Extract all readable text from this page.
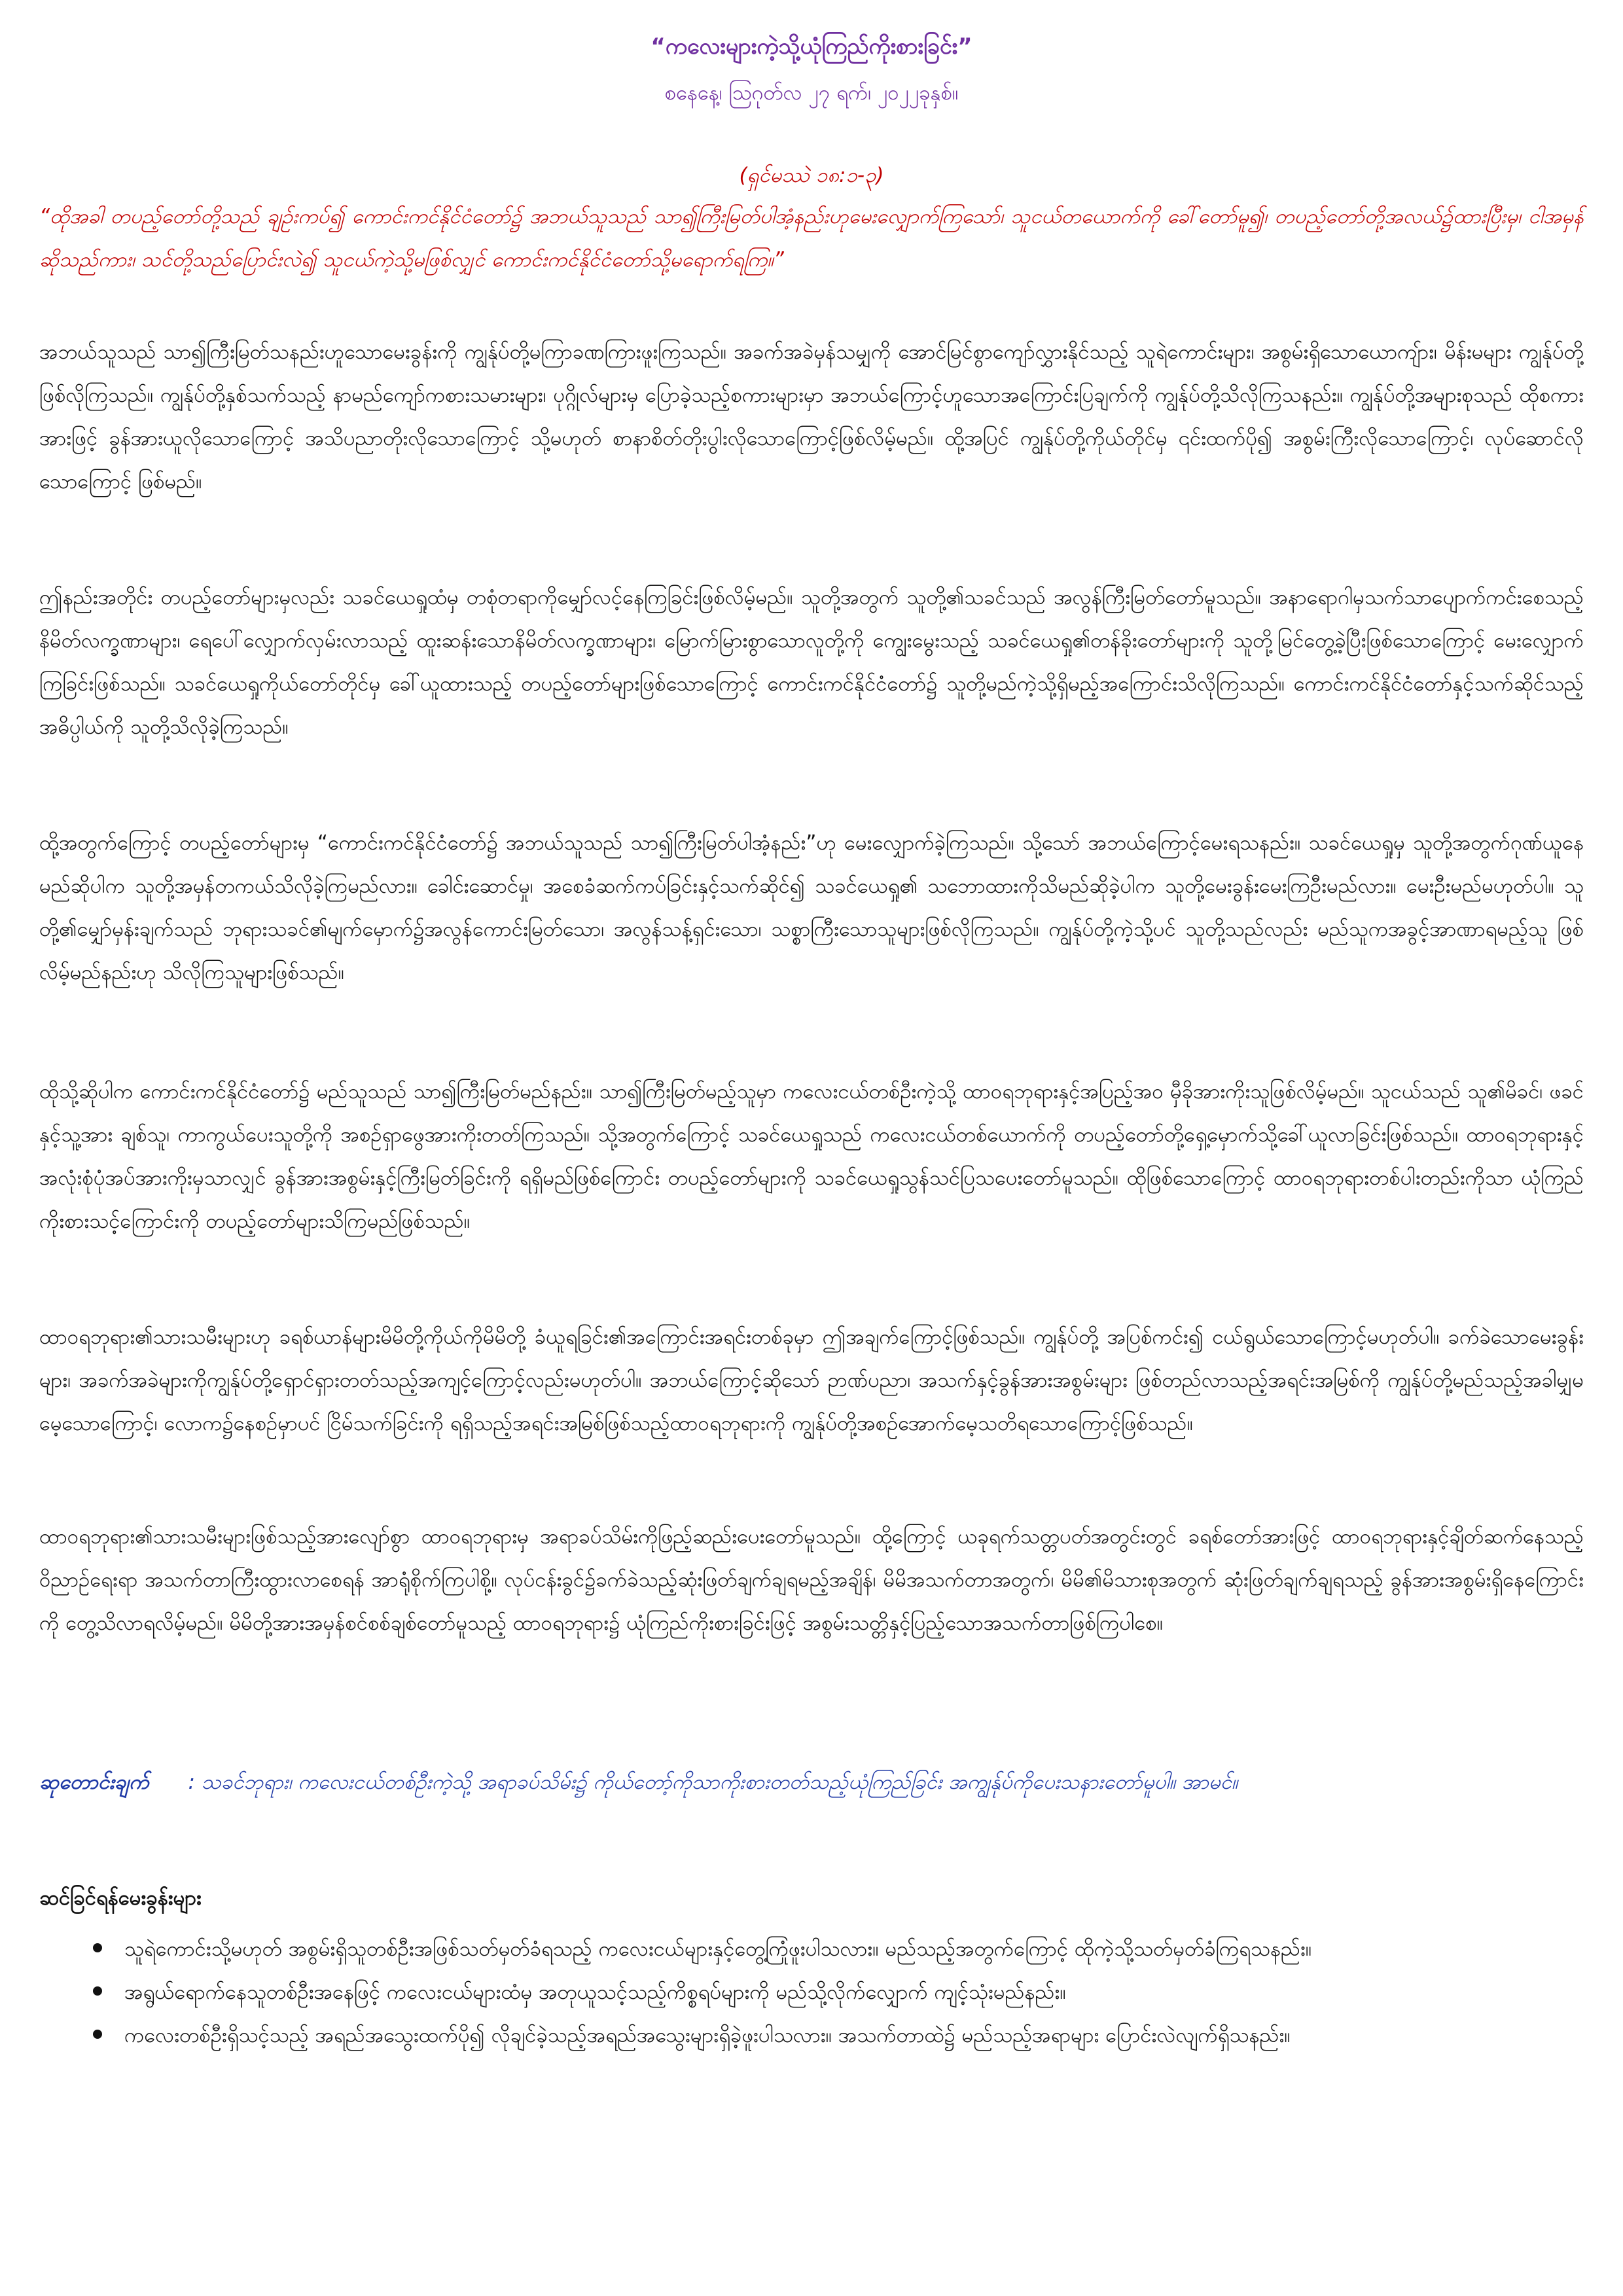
“ကလေးများကဲ့သို့ယုံကြည်ကိုးစားခြင်း”
စနေနေ့၊ ဩဂုတ်လ ၂၇ ရက်၊ ၂၀၂၂ခုနှစ်။
(ရှင်မဿဲ ၁၈:၁-၃)

“ထိုအခါ တပည့်တော်တို့သည် ချဉ်းကပ်၍ ကောင်းကင်နိုင်ငံတော်၌ အဘယ်သူသည် သာ၍ကြီးမြတ်ပါအံ့နည်းဟုမေးလျှောက်ကြသော်၊ သူငယ်တယောက်ကို ခေါ်တော်မူ၍၊ တပည့်တော်တို့အလယ်၌ထားပြီးမှ၊ ငါအမှန်ဆိုသည်ကား၊ သင်တို့သည်ပြောင်းလဲ၍ သူငယ်ကဲ့သို့မဖြစ်လျှင် ကောင်းကင်နိုင်ငံတော်သို့မရောက်ရကြ။”

အဘယ်သူသည် သာ၍ကြီးမြတ်သနည်းဟူသောမေးခွန်းကို ကျွန်ုပ်တို့မကြာခဏကြားဖူးကြသည်။ အခက်အခဲမှန်သမျှကို အောင်မြင်စွာကျော်လွှားနိုင်သည့် သူရဲကောင်းများ၊ အစွမ်းရှိသောယောကျ်ား၊ မိန်းမများ ကျွန်ုပ်တို့ဖြစ်လိုကြသည်။ ကျွန်ုပ်တို့နှစ်သက်သည့် နာမည်ကျော်ကစားသမားများ၊ ပုဂ္ဂိုလ်များမှ ပြောခဲ့သည့်စကားများမှာ အဘယ်ကြောင့်ဟူသောအကြောင်းပြချက်ကို ကျွန်ုပ်တို့သိလိုကြသနည်း။ ကျွန်ုပ်တို့အများစုသည် ထိုစကားအားဖြင့် ခွန်အားယူလိုသောကြောင့် အသိပညာတိုးလိုသောကြောင့် သို့မဟုတ် စာနာစိတ်တိုးပွါးလိုသောကြောင့်ဖြစ်လိမ့်မည်။ ထို့အပြင် ကျွန်ုပ်တို့ကိုယ်တိုင်မှ ၎င်းထက်ပို၍ အစွမ်းကြီးလိုသောကြောင့်၊ လုပ်ဆောင်လိုသောကြောင့် ဖြစ်မည်။

ဤနည်းအတိုင်း တပည့်တော်များမှလည်း သခင်ယေရှုထံမှ တစုံတရာကိုမျှော်လင့်နေကြခြင်းဖြစ်လိမ့်မည်။ သူတို့အတွက် သူတို့၏သခင်သည် အလွန်ကြီးမြတ်တော်မူသည်။ အနာရောဂါမှသက်သာပျောက်ကင်းစေသည့် နိမိတ်လက္ခဏာများ၊ ရေပေါ်လျှောက်လှမ်းလာသည့် ထူးဆန်းသောနိမိတ်လက္ခဏာများ၊ မြောက်မြားစွာသောလူတို့ကို ကျွေးမွေးသည့် သခင်ယေရှု၏တန်ခိုးတော်များကို သူတို့မြင်တွေ့ခဲ့ပြီးဖြစ်သောကြောင့် မေးလျှောက်ကြခြင်းဖြစ်သည်။ သခင်ယေရှုကိုယ်တော်တိုင်မှ ခေါ်ယူထားသည့် တပည့်တော်များဖြစ်သောကြောင့် ကောင်းကင်နိုင်ငံတော်၌ သူတို့မည်ကဲ့သို့ရှိမည့်အကြောင်းသိလိုကြသည်။ ကောင်းကင်နိုင်ငံတော်နှင့်သက်ဆိုင်သည့် အဓိပ္ပါယ်ကို သူတို့သိလိုခဲ့ကြသည်။

ထို့အတွက်ကြောင့် တပည့်တော်များမှ “ကောင်းကင်နိုင်ငံတော်၌ အဘယ်သူသည် သာ၍ကြီးမြတ်ပါအံ့နည်း”ဟု မေးလျှောက်ခဲ့ကြသည်။ သို့သော် အဘယ်ကြောင့်မေးရသနည်း။ သခင်ယေရှုမှ သူတို့အတွက်ဂုဏ်ယူနေမည်ဆိုပါက သူတို့အမှန်တကယ်သိလိုခဲ့ကြမည်လား။ ခေါင်းဆောင်မှု၊ အစေခံဆက်ကပ်ခြင်းနှင့်သက်ဆိုင်၍ သခင်ယေရှု၏ သဘောထားကိုသိမည်ဆိုခဲ့ပါက သူတို့မေးခွန်းမေးကြဦးမည်လား။ မေးဦးမည်မဟုတ်ပါ။ သူတို့၏မျှော်မှန်းချက်သည် ဘုရားသခင်၏မျက်မှောက်၌အလွန်ကောင်းမြတ်သော၊ အလွန်သန့်ရှင်းသော၊ သစ္စာကြီးသောသူများဖြစ်လိုကြသည်။ ကျွန်ုပ်တို့ကဲ့သို့ပင် သူတို့သည်လည်း မည်သူကအခွင့်အာဏာရမည့်သူ ဖြစ်လိမ့်မည်နည်းဟု သိလိုကြသူများဖြစ်သည်။

ထိုသို့ဆိုပါက ကောင်းကင်နိုင်ငံတော်၌ မည်သူသည် သာ၍ကြီးမြတ်မည်နည်း။ သာ၍ကြီးမြတ်မည့်သူမှာ ကလေးငယ်တစ်ဦးကဲ့သို့ ထာဝရဘုရားနှင့်အပြည့်အဝ မှီခိုအားကိုးသူဖြစ်လိမ့်မည်။ သူငယ်သည် သူ၏မိခင်၊ ဖခင်နှင့်သူ့အား ချစ်သူ၊ ကာကွယ်ပေးသူတို့ကို အစဉ်ရှာဖွေအားကိုးတတ်ကြသည်။ သို့အတွက်ကြောင့် သခင်ယေရှုသည် ကလေးငယ်တစ်ယောက်ကို တပည့်တော်တို့ရှေ့မှောက်သို့ခေါ်ယူလာခြင်းဖြစ်သည်။ ထာဝရဘုရားနှင့်အလုံးစုံပုံအပ်အားကိုးမှသာလျှင် ခွန်အားအစွမ်းနှင့်ကြီးမြတ်ခြင်းကို ရရှိမည်ဖြစ်ကြောင်း တပည့်တော်များကို သခင်ယေရှုသွန်သင်ပြသပေးတော်မူသည်။ ထိုဖြစ်သောကြောင့် ထာဝရဘုရားတစ်ပါးတည်းကိုသာ ယုံကြည်ကိုးစားသင့်ကြောင်းကို တပည့်တော်များသိကြမည်ဖြစ်သည်။

ထာဝရဘုရား၏သားသမီးများဟု ခရစ်ယာန်များမိမိတို့ကိုယ်ကိုမိမိတို့ ခံယူရခြင်း၏အကြောင်းအရင်းတစ်ခုမှာ ဤအချက်ကြောင့်ဖြစ်သည်။ ကျွန်ုပ်တို့ အပြစ်ကင်း၍ ငယ်ရွယ်သောကြောင့်မဟုတ်ပါ။ ခက်ခဲသောမေးခွန်းများ၊ အခက်အခဲများကိုကျွန်ုပ်တို့ရှောင်ရှားတတ်သည့်အကျင့်ကြောင့်လည်းမဟုတ်ပါ။ အဘယ်ကြောင့်ဆိုသော် ဉာဏ်ပညာ၊ အသက်နှင့်ခွန်အားအစွမ်းများ ဖြစ်တည်လာသည့်အရင်းအမြစ်ကို ကျွန်ုပ်တို့မည်သည့်အခါမျှမမေ့သောကြောင့်၊ လောက၌နေစဉ်မှာပင် ငြိမ်သက်ခြင်းကို ရရှိသည့်အရင်းအမြစ်ဖြစ်သည့်ထာဝရဘုရားကို ကျွန်ုပ်တို့အစဉ်အောက်မေ့သတိရသောကြောင့်ဖြစ်သည်။

ထာဝရဘုရား၏သားသမီးများဖြစ်သည့်အားလျော်စွာ ထာဝရဘုရားမှ အရာခပ်သိမ်းကိုဖြည့်ဆည်းပေးတော်မူသည်။ ထို့ကြောင့် ယခုရက်သတ္တပတ်အတွင်းတွင် ခရစ်တော်အားဖြင့် ထာဝရဘုရားနှင့်ချိတ်ဆက်နေသည့်ဝိညာဉ်ရေးရာ အသက်တာကြီးထွားလာစေရန် အာရုံစိုက်ကြပါစို့။ လုပ်ငန်းခွင်၌ခက်ခဲသည့်ဆုံးဖြတ်ချက်ချရမည့်အချိန်၊ မိမိအသက်တာအတွက်၊ မိမိ၏မိသားစုအတွက် ဆုံးဖြတ်ချက်ချရသည့် ခွန်အားအစွမ်းရှိနေကြောင်းကို တွေ့သိလာရလိမ့်မည်။ မိမိတို့အားအမှန်စင်စစ်ချစ်တော်မူသည့် ထာဝရဘုရား၌ ယုံကြည်ကိုးစားခြင်းဖြင့် အစွမ်းသတ္တိနှင့်ပြည့်သောအသက်တာဖြစ်ကြပါစေ။

ဆုတောင်းချက် : သခင်ဘုရား၊ ကလေးငယ်တစ်ဦးကဲ့သို့ အရာခပ်သိမ်း၌ ကိုယ်တော့်ကိုသာကိုးစားတတ်သည့်ယုံကြည်ခြင်း အကျွန်ုပ်ကိုပေးသနားတော်မူပါ။ အာမင်။

ဆင်ခြင်ရန်မေးခွန်းများ
သူရဲကောင်းသို့မဟုတ် အစွမ်းရှိသူတစ်ဦးအဖြစ်သတ်မှတ်ခံရသည့် ကလေးငယ်များနှင့်တွေ့ကြုံဖူးပါသလား။ မည်သည့်အတွက်ကြောင့် ထိုကဲ့သို့သတ်မှတ်ခံကြရသနည်း။
အရွယ်ရောက်နေသူတစ်ဦးအနေဖြင့် ကလေးငယ်များထံမှ အတုယူသင့်သည့်ကိစ္စရပ်များကို မည်သို့လိုက်လျှောက် ကျင့်သုံးမည်နည်း။
ကလေးတစ်ဦးရှိသင့်သည့် အရည်အသွေးထက်ပို၍ လိုချင်ခဲ့သည့်အရည်အသွေးများရှိခဲ့ဖူးပါသလား။ အသက်တာထဲ၌ မည်သည့်အရာများ ပြောင်းလဲလျက်ရှိသနည်း။
